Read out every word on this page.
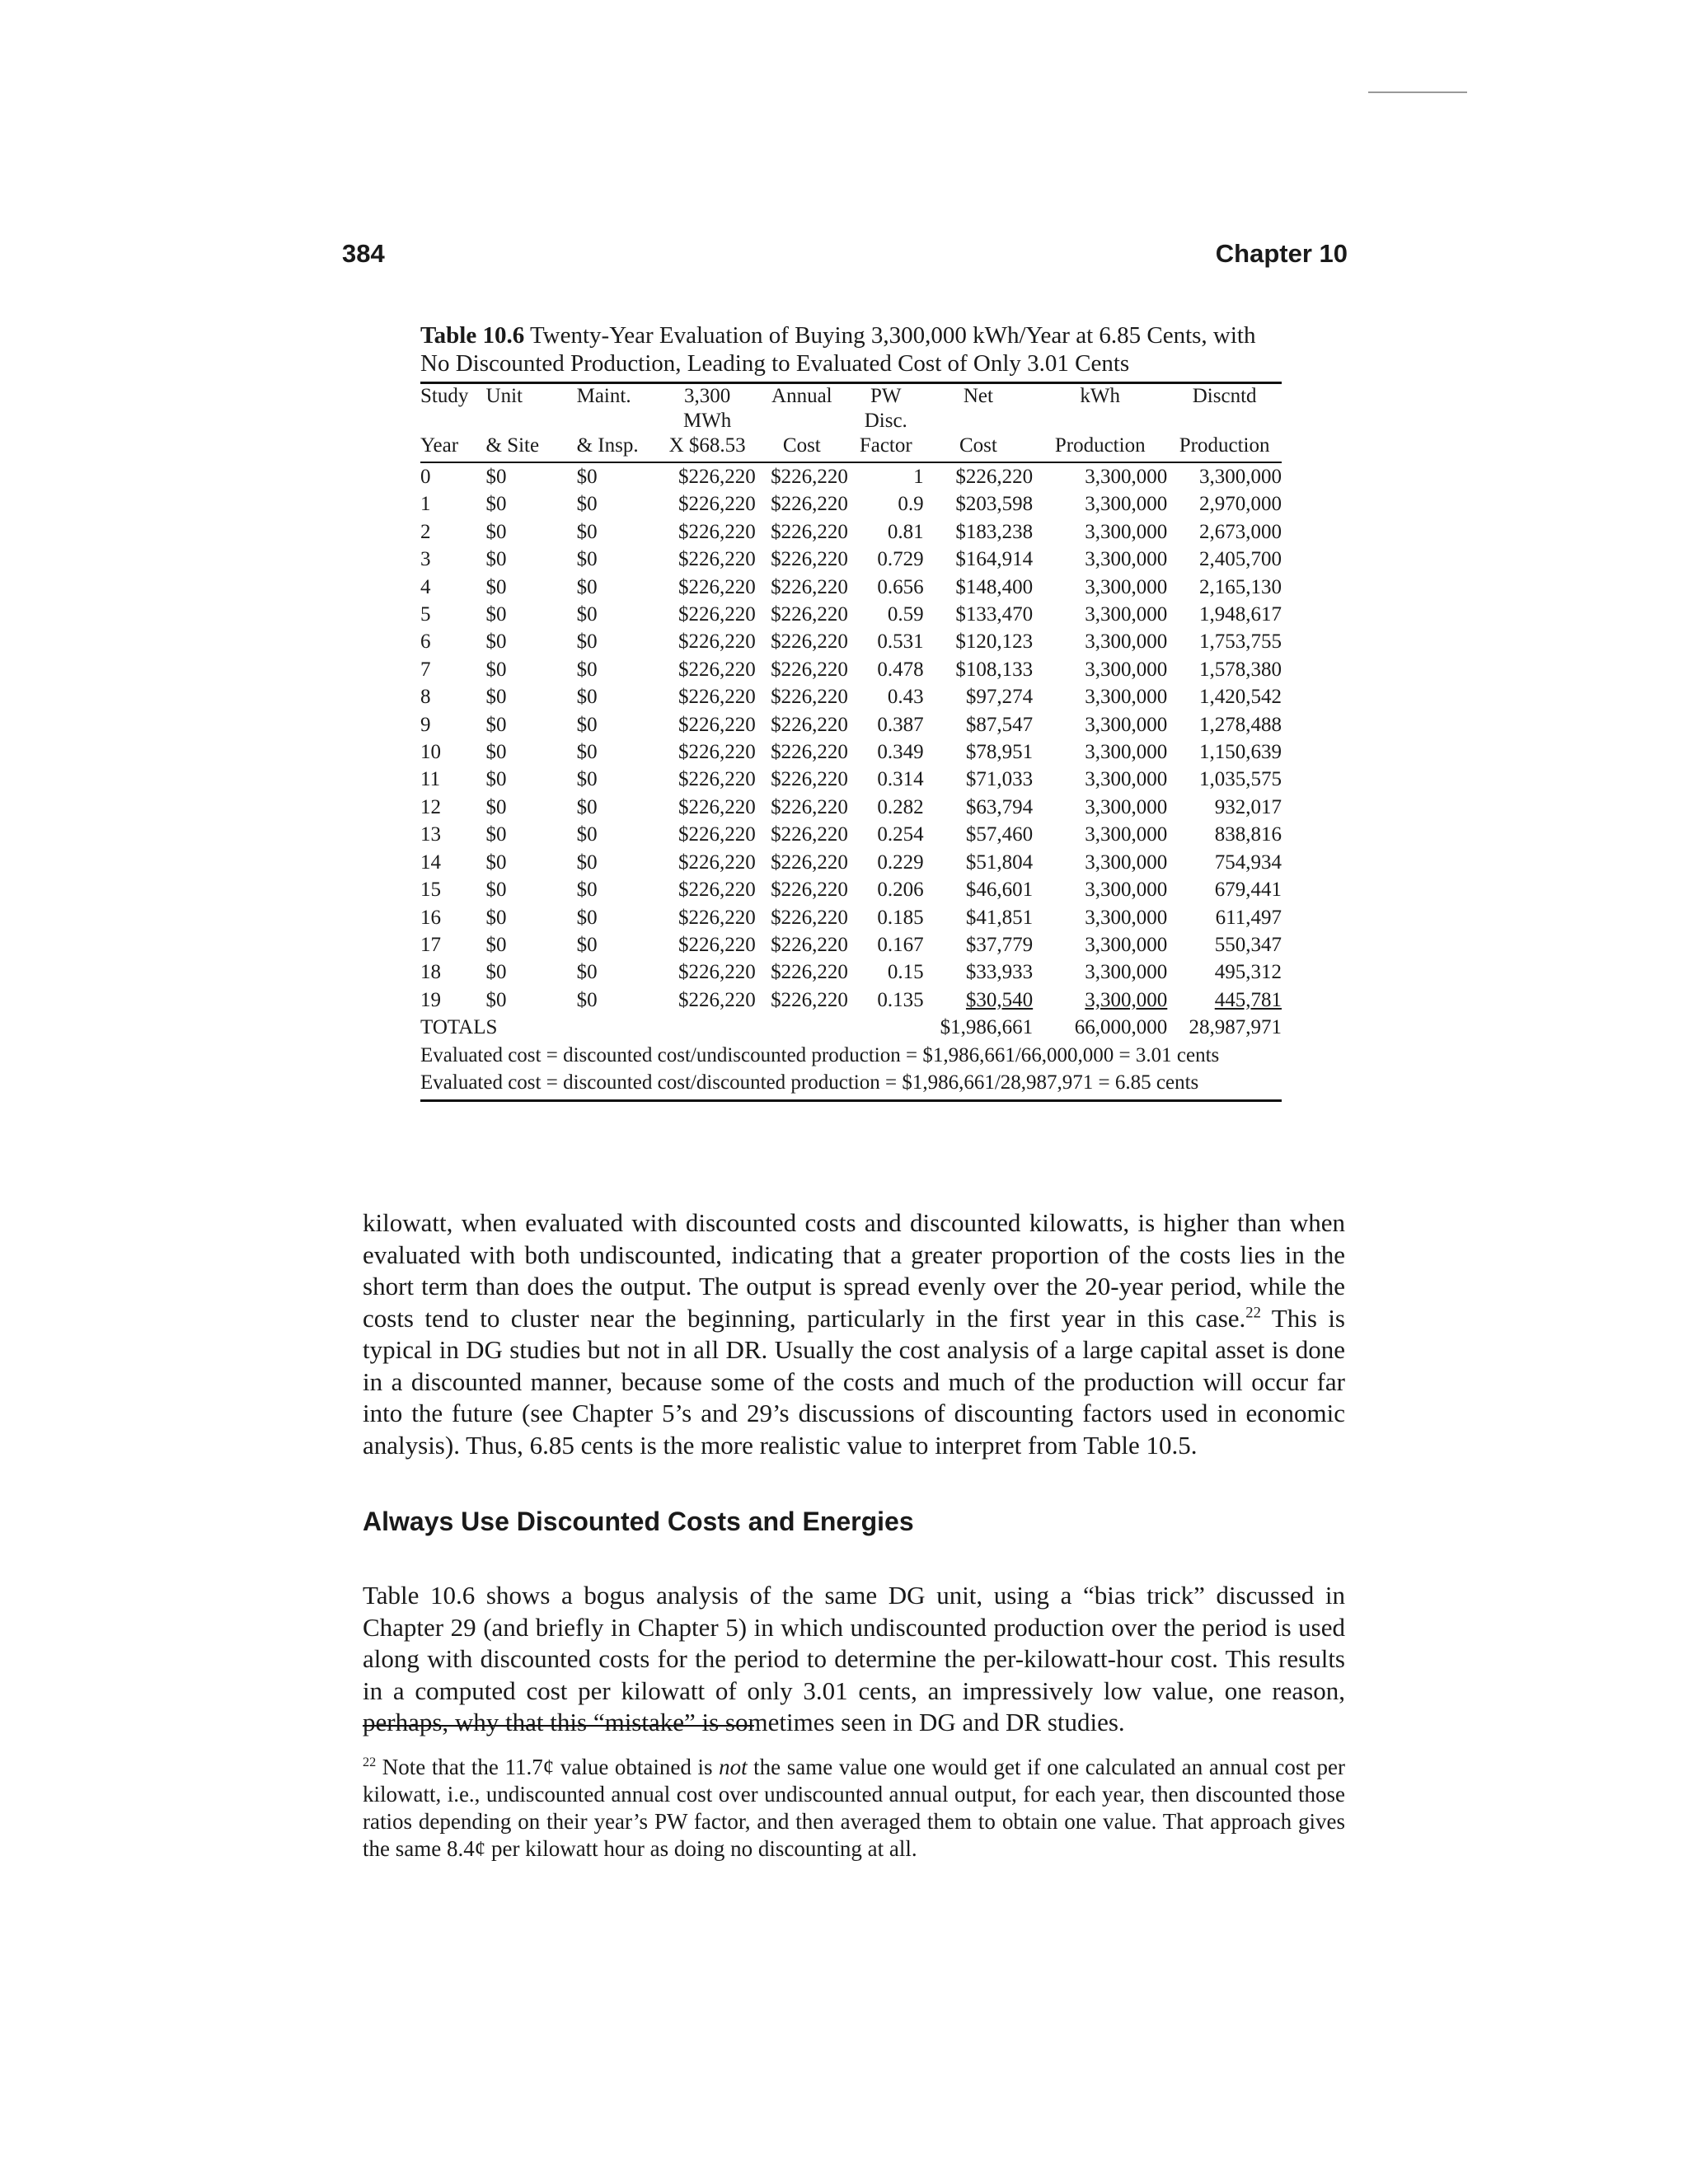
384	Chapter 10
Table 10.6 Twenty-Year Evaluation of Buying 3,300,000 kWh/Year at 6.85 Cents, with No Discounted Production, Leading to Evaluated Cost of Only 3.01 Cents
Study	Unit	Maint.	3,300 MWh	Annual	PW Disc.	Net	kWh	Discntd
Year	& Site	& Insp.	X $68.53	Cost	Factor	Cost	Production	Production
0	$0	$0	$226,220	$226,220	1	$226,220	3,300,000	3,300,000
1	$0	$0	$226,220	$226,220	0.9	$203,598	3,300,000	2,970,000
2	$0	$0	$226,220	$226,220	0.81	$183,238	3,300,000	2,673,000
3	$0	$0	$226,220	$226,220	0.729	$164,914	3,300,000	2,405,700
4	$0	$0	$226,220	$226,220	0.656	$148,400	3,300,000	2,165,130
5	$0	$0	$226,220	$226,220	0.59	$133,470	3,300,000	1,948,617
6	$0	$0	$226,220	$226,220	0.531	$120,123	3,300,000	1,753,755
7	$0	$0	$226,220	$226,220	0.478	$108,133	3,300,000	1,578,380
8	$0	$0	$226,220	$226,220	0.43	$97,274	3,300,000	1,420,542
9	$0	$0	$226,220	$226,220	0.387	$87,547	3,300,000	1,278,488
10	$0	$0	$226,220	$226,220	0.349	$78,951	3,300,000	1,150,639
11	$0	$0	$226,220	$226,220	0.314	$71,033	3,300,000	1,035,575
12	$0	$0	$226,220	$226,220	0.282	$63,794	3,300,000	932,017
13	$0	$0	$226,220	$226,220	0.254	$57,460	3,300,000	838,816
14	$0	$0	$226,220	$226,220	0.229	$51,804	3,300,000	754,934
15	$0	$0	$226,220	$226,220	0.206	$46,601	3,300,000	679,441
16	$0	$0	$226,220	$226,220	0.185	$41,851	3,300,000	611,497
17	$0	$0	$226,220	$226,220	0.167	$37,779	3,300,000	550,347
18	$0	$0	$226,220	$226,220	0.15	$33,933	3,300,000	495,312
19	$0	$0	$226,220	$226,220	0.135	$30,540	3,300,000	445,781
TOTALS						$1,986,661	66,000,000	28,987,971
Evaluated cost = discounted cost/undiscounted production = $1,986,661/66,000,000 = 3.01 cents
Evaluated cost = discounted cost/discounted production = $1,986,661/28,987,971 = 6.85 cents

kilowatt, when evaluated with discounted costs and discounted kilowatts, is higher than when evaluated with both undiscounted, indicating that a greater proportion of the costs lies in the short term than does the output. The output is spread evenly over the 20-year period, while the costs tend to cluster near the beginning, particularly in the first year in this case.$^{22}$ This is typical in DG studies but not in all DR. Usually the cost analysis of a large capital asset is done in a discounted manner, because some of the costs and much of the production will occur far into the future (see Chapter 5’s and 29’s discussions of discounting factors used in economic analysis). Thus, 6.85 cents is the more realistic value to interpret from Table 10.5.

Always Use Discounted Costs and Energies

Table 10.6 shows a bogus analysis of the same DG unit, using a “bias trick” discussed in Chapter 29 (and briefly in Chapter 5) in which undiscounted production over the period is used along with discounted costs for the period to determine the per-kilowatt-hour cost. This results in a computed cost per kilowatt of only 3.01 cents, an impressively low value, one reason, perhaps, why that this “mistake” is sometimes seen in DG and DR studies.

$^{22}$ Note that the 11.7¢ value obtained is not the same value one would get if one calculated an annual cost per kilowatt, i.e., undiscounted annual cost over undiscounted annual output, for each year, then discounted those ratios depending on their year’s PW factor, and then averaged them to obtain one value. That approach gives the same 8.4¢ per kilowatt hour as doing no discounting at all.
